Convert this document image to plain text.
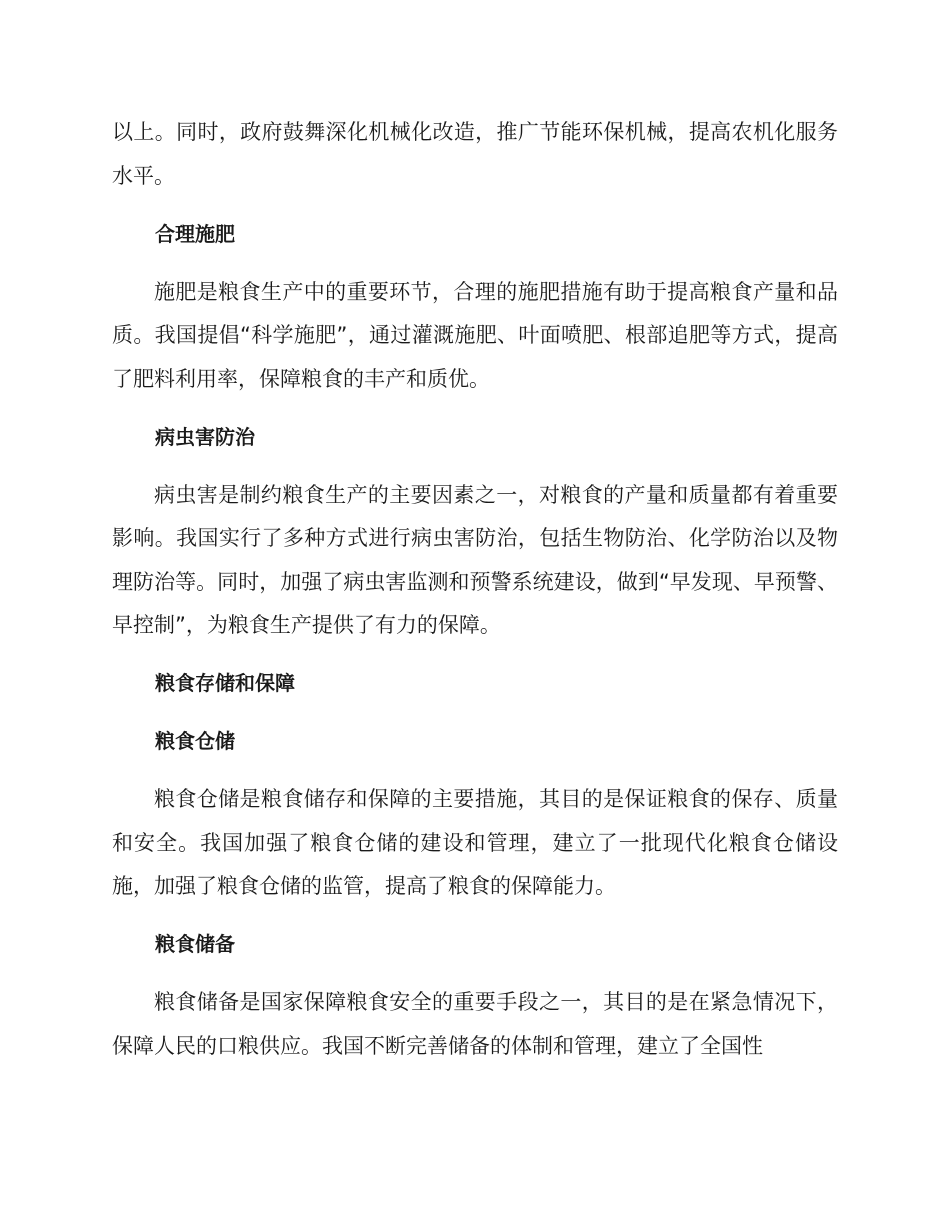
以上。同时，政府鼓舞深化机械化改造，推广节能环保机械，提高农机化服务水平。

合理施肥

施肥是粮食生产中的重要环节，合理的施肥措施有助于提高粮食产量和品质。我国提倡“科学施肥”，通过灌溉施肥、叶面喷肥、根部追肥等方式，提高了肥料利用率，保障粮食的丰产和质优。

病虫害防治

病虫害是制约粮食生产的主要因素之一，对粮食的产量和质量都有着重要影响。我国实行了多种方式进行病虫害防治，包括生物防治、化学防治以及物理防治等。同时，加强了病虫害监测和预警系统建设，做到“早发现、早预警、早控制”，为粮食生产提供了有力的保障。

粮食存储和保障
粮食仓储

粮食仓储是粮食储存和保障的主要措施，其目的是保证粮食的保存、质量和安全。我国加强了粮食仓储的建设和管理，建立了一批现代化粮食仓储设施，加强了粮食仓储的监管，提高了粮食的保障能力。

粮食储备

粮食储备是国家保障粮食安全的重要手段之一，其目的是在紧急情况下，保障人民的口粮供应。我国不断完善储备的体制和管理，建立了全国性
